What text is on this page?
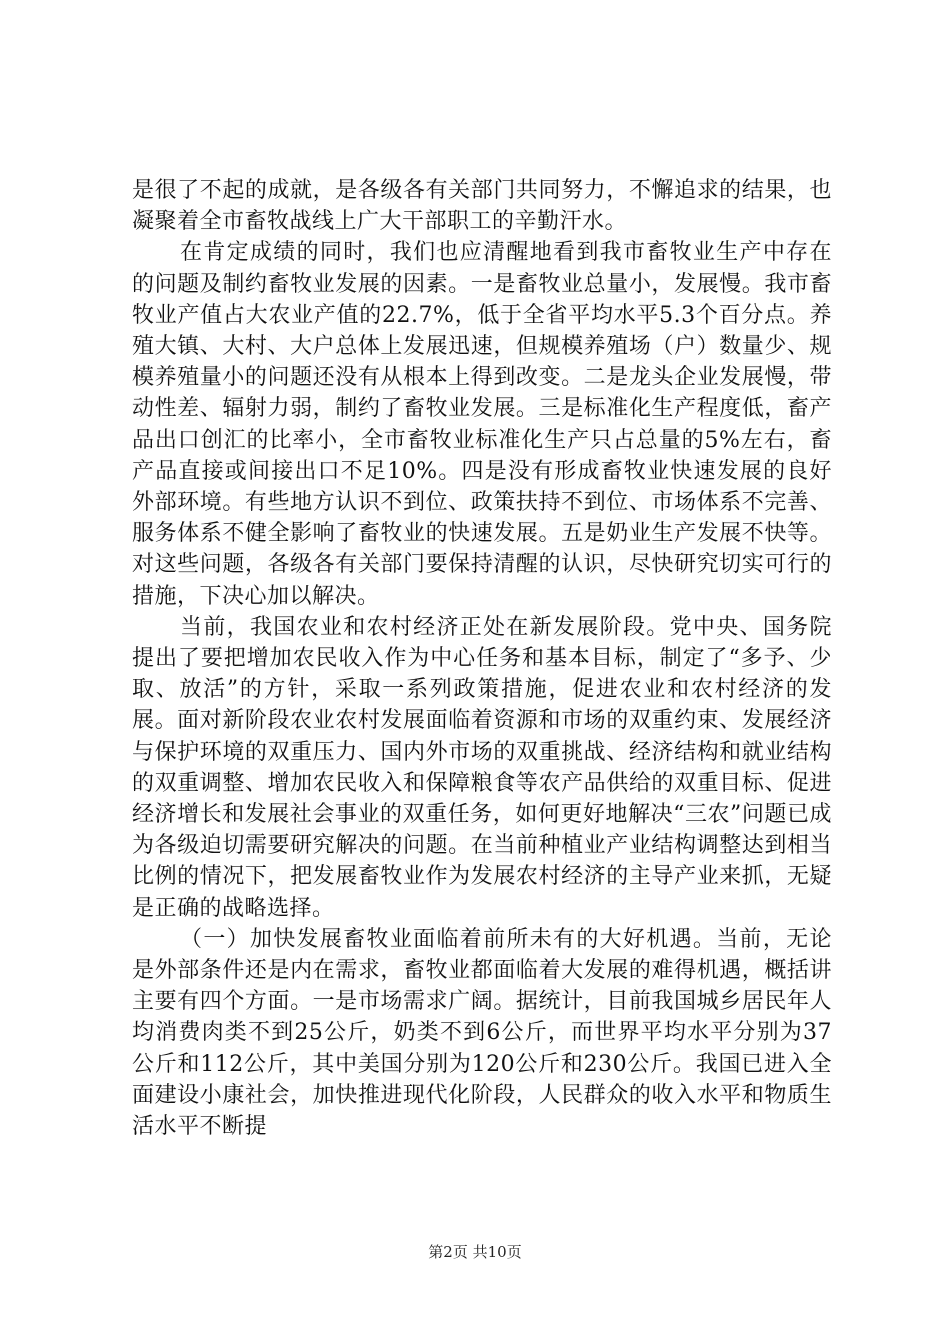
是很了不起的成就，是各级各有关部门共同努力，不懈追求的结果，也凝聚着全市畜牧战线上广大干部职工的辛勤汗水。

在肯定成绩的同时，我们也应清醒地看到我市畜牧业生产中存在的问题及制约畜牧业发展的因素。一是畜牧业总量小，发展慢。我市畜牧业产值占大农业产值的22.7%，低于全省平均水平5.3个百分点。养殖大镇、大村、大户总体上发展迅速，但规模养殖场（户）数量少、规模养殖量小的问题还没有从根本上得到改变。二是龙头企业发展慢，带动性差、辐射力弱，制约了畜牧业发展。三是标准化生产程度低，畜产品出口创汇的比率小，全市畜牧业标准化生产只占总量的5%左右，畜产品直接或间接出口不足10%。四是没有形成畜牧业快速发展的良好外部环境。有些地方认识不到位、政策扶持不到位、市场体系不完善、服务体系不健全影响了畜牧业的快速发展。五是奶业生产发展不快等。对这些问题，各级各有关部门要保持清醒的认识，尽快研究切实可行的措施，下决心加以解决。

当前，我国农业和农村经济正处在新发展阶段。党中央、国务院提出了要把增加农民收入作为中心任务和基本目标，制定了“多予、少取、放活”的方针，采取一系列政策措施，促进农业和农村经济的发展。面对新阶段农业农村发展面临着资源和市场的双重约束、发展经济与保护环境的双重压力、国内外市场的双重挑战、经济结构和就业结构的双重调整、增加农民收入和保障粮食等农产品供给的双重目标、促进经济增长和发展社会事业的双重任务，如何更好地解决“三农”问题已成为各级迫切需要研究解决的问题。在当前种植业产业结构调整达到相当比例的情况下，把发展畜牧业作为发展农村经济的主导产业来抓，无疑是正确的战略选择。

（一）加快发展畜牧业面临着前所未有的大好机遇。当前，无论是外部条件还是内在需求，畜牧业都面临着大发展的难得机遇，概括讲主要有四个方面。一是市场需求广阔。据统计，目前我国城乡居民年人均消费肉类不到25公斤，奶类不到6公斤，而世界平均水平分别为37公斤和112公斤，其中美国分别为120公斤和230公斤。我国已进入全面建设小康社会，加快推进现代化阶段，人民群众的收入水平和物质生活水平不断提

第2页 共10页
